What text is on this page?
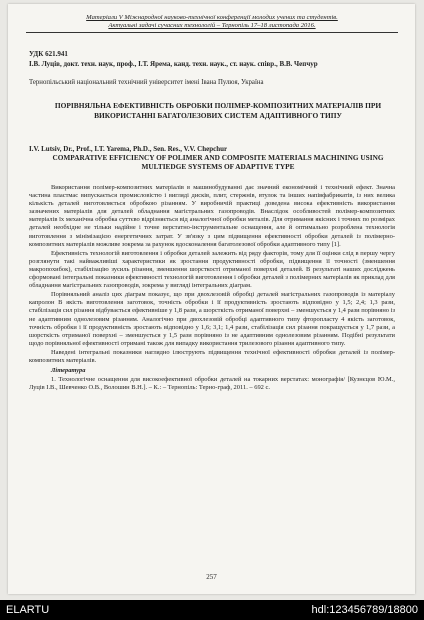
Матеріали V Міжнародної науково-технічної конференції молодих учених та студентів.
Актуальні задачі сучасних технологій – Тернопіль 17–18 листопада 2016.
УДК 621.941
І.В. Луців, докт. техн. наук, проф., І.Т. Ярема, канд. техн. наук., ст. наук. співр., В.В. Чепчур
Тернопільський національний технічний університет імені Івана Пулюя, Україна
ПОРІВНЯЛЬНА ЕФЕКТИВНІСТЬ ОБРОБКИ ПОЛІМЕР-КОМПОЗИТНИХ МАТЕРІАЛІВ ПРИ ВИКОРИСТАННІ БАГАТОЛЕЗОВИХ СИСТЕМ АДАПТИВНОГО ТИПУ
I.V. Lutsiv, Dr., Prof., I.T. Yarema, Ph.D., Sen. Res., V.V. Chepchur
COMPARATIVE EFFICIENCY OF POLIMER AND COMPOSITE MATERIALS MACHINING USING MULTIEDGE SYSTEMS OF ADAPTIVE TYPE

Використання полімер-композитних матеріалів в машинобудуванні дає значний економічний і технічний ефект. Значна частина пластмас випускається промисловістю і вигляді дисків, плит, стержнів, втулок та інших напівфабрикатів, із них велика кількість деталей виготовляється обробкою різанням. У виробничій практиці доведена висока ефективність використання зазначених матеріалів для деталей обладнання магістральних газопроводів. Внаслідок особливостей полімер-композитних матеріалів їх механічна обробка суттєво відрізняється від аналогічної обробки металів. Для отримання якісних і точних по розмірах деталей необхідне не тільки надійне і точне верстатно-інструментальне оснащення, але й оптимально розроблена технологія виготовлення з мінімізацією енергетичних затрат. У зв'язку з цим підвищення ефективності обробки деталей із полімерно-композитних матеріалів можливе зокрема за рахунок вдосконалення багатолезової обробки адаптивного типу [1].

Ефективність технологій виготовлення і обробки деталей залежить від ряду факторів, тому для її оцінки слід в першу чергу розглянути такі найважливіші характеристики як зростання продуктивності обробки, підвищення її точності (зменшення макропохибок), стабілізацію зусиль різання, зменшення шорсткості отриманої поверхні деталей. В результаті наших досліджень сформовані інтегральні показники ефективності технологій виготовлення і обробки деталей з полімерних матеріалів як приклад для обладнання магістральних газопроводів, зокрема у вигляді інтегральних діаграм.

Порівняльний аналіз цих діаграм показує, що при двохлезовій обробці деталей магістральних газопроводів із матеріалу капролон B якість виготовлення заготовок, точність обробки і її продуктивність зростають відповідно у 1,5; 2,4; 1,3 рази, стабілізація сил різання відбувається ефективніше у 1,8 рази, а шорсткість отриманої поверхні – зменшується у 1,4 рази порівняно із не адаптивним однолезовим різанням. Аналогічно при двохлезовій обробці адаптивного типу фторопласту 4 якість заготовок, точність обробки і її продуктивність зростають відповідно у 1,6; 3,1; 1,4 рази, стабілізація сил різання покращується у 1,7 рази, а шорсткість отриманої поверхні – зменшується у 1,5 рази порівняно із не адаптивним однолезовим різанням. Подібні результати щодо порівняльної ефективності отримані також для випадку використання трилезового різання адаптивного типу.

Наведені інтегральні показники наглядно ілюструють підвищення технічної ефективності обробки деталей із полімер-композитних матеріалів.

Література

1. Технологічне оснащення для високоефективної обробки деталей на токарних верстатах: монографія/ [Кузнєцов Ю.М., Луців І.В., Шевченко О.В., Волошин В.Н.]. – К.: – Тернопіль: Терно-граф, 2011. – 692 с.

257
ELARTU	hdl:123456789/18800
